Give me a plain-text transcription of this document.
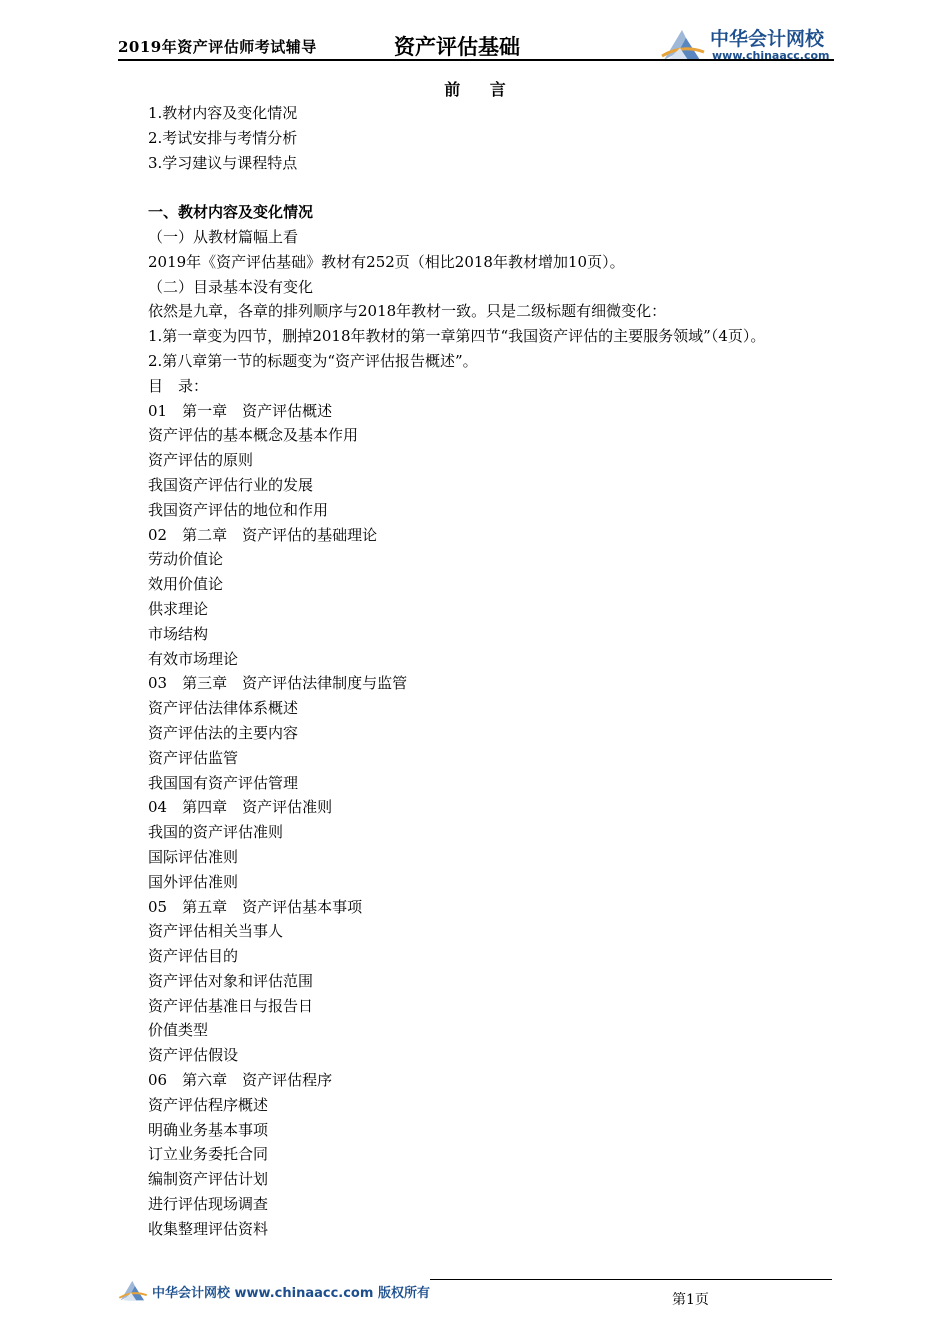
2019年资产评估师考试辅导	资产评估基础	中华会计网校
www.chinaacc.com
前 言
1.教材内容及变化情况
2.考试安排与考情分析
3.学习建议与课程特点
一、教材内容及变化情况
（一）从教材篇幅上看
2019年《资产评估基础》教材有252页（相比2018年教材增加10页）。
（二）目录基本没有变化
依然是九章，各章的排列顺序与2018年教材一致。只是二级标题有细微变化：
1.第一章变为四节，删掉2018年教材的第一章第四节“我国资产评估的主要服务领域”（4页）。
2.第八章第一节的标题变为“资产评估报告概述”。
目　录：
01　第一章　资产评估概述
资产评估的基本概念及基本作用
资产评估的原则
我国资产评估行业的发展
我国资产评估的地位和作用
02　第二章　资产评估的基础理论
劳动价值论
效用价值论
供求理论
市场结构
有效市场理论
03　第三章　资产评估法律制度与监管
资产评估法律体系概述
资产评估法的主要内容
资产评估监管
我国国有资产评估管理
04　第四章　资产评估准则
我国的资产评估准则
国际评估准则
国外评估准则
05　第五章　资产评估基本事项
资产评估相关当事人
资产评估目的
资产评估对象和评估范围
资产评估基准日与报告日
价值类型
资产评估假设
06　第六章　资产评估程序
资产评估程序概述
明确业务基本事项
订立业务委托合同
编制资产评估计划
进行评估现场调查
收集整理评估资料
中华会计网校 www.chinaacc.com 版权所有	第1页
